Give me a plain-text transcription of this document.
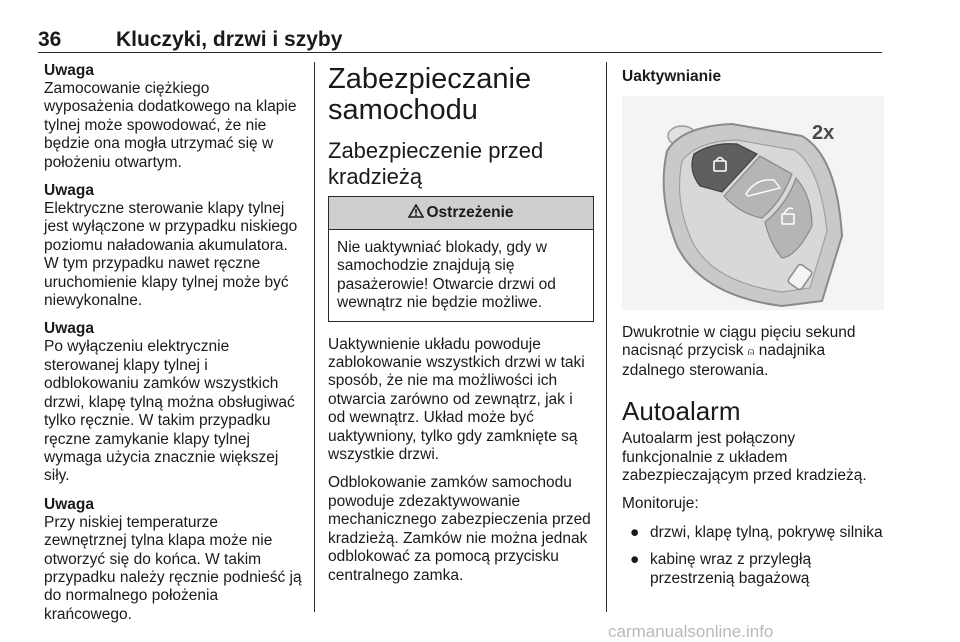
36	Kluczyki, drzwi i szyby
Uwaga
Zamocowanie ciężkiego wyposażenia dodatkowego na klapie tylnej może spowodować, że nie będzie ona mogła utrzymać się w położeniu otwartym.
Uwaga
Elektryczne sterowanie klapy tylnej jest wyłączone w przypadku niskiego poziomu naładowania akumulatora. W tym przypadku nawet ręczne uruchomienie klapy tylnej może być niewykonalne.
Uwaga
Po wyłączeniu elektrycznie sterowanej klapy tylnej i odblokowaniu zamków wszystkich drzwi, klapę tylną można obsługiwać tylko ręcznie. W takim przypadku ręczne zamykanie klapy tylnej wymaga użycia znacznie większej siły.
Uwaga
Przy niskiej temperaturze zewnętrznej tylna klapa może nie otworzyć się do końca. W takim przypadku należy ręcznie podnieść ją do normalnego położenia krańcowego.
Zabezpieczanie samochodu
Zabezpieczenie przed kradzieżą
Ostrzeżenie
Nie uaktywniać blokady, gdy w samochodzie znajdują się pasażerowie! Otwarcie drzwi od wewnątrz nie będzie możliwe.
Uaktywnienie układu powoduje zablokowanie wszystkich drzwi w taki sposób, że nie ma możliwości ich otwarcia zarówno od zewnątrz, jak i od wewnątrz. Układ może być uaktywniony, tylko gdy zamknięte są wszystkie drzwi.
Odblokowanie zamków samochodu powoduje zdezaktywowanie mechanicznego zabezpieczenia przed kradzieżą. Zamków nie można jednak odblokować za pomocą przycisku centralnego zamka.
Uaktywnianie
2x
Dwukrotnie w ciągu pięciu sekund nacisnąć przycisk ⍝ nadajnika zdalnego sterowania.
Autoalarm
Autoalarm jest połączony funkcjonalnie z układem zabezpieczającym przed kradzieżą.
Monitoruje:
● drzwi, klapę tylną, pokrywę silnika
● kabinę wraz z przyległą przestrzenią bagażową
carmanualsonline.info
